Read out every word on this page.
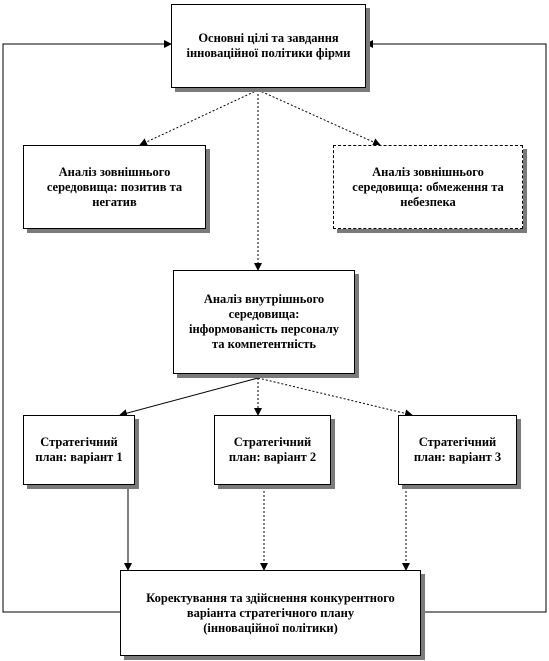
Основні цілі та завдання інноваційної політики фірми
Аналіз зовнішнього середовища: позитив та негатив
Аналіз зовнішнього середовища: обмеження та небезпека
Аналіз внутрішнього середовища: інформованість персоналу та компетентність
Стратегічний план: варіант 1
Стратегічний план: варіант 2
Стратегічний план: варіант 3
Коректування та здійснення конкурентного варіанта стратегічного плану
(інноваційної політики)
